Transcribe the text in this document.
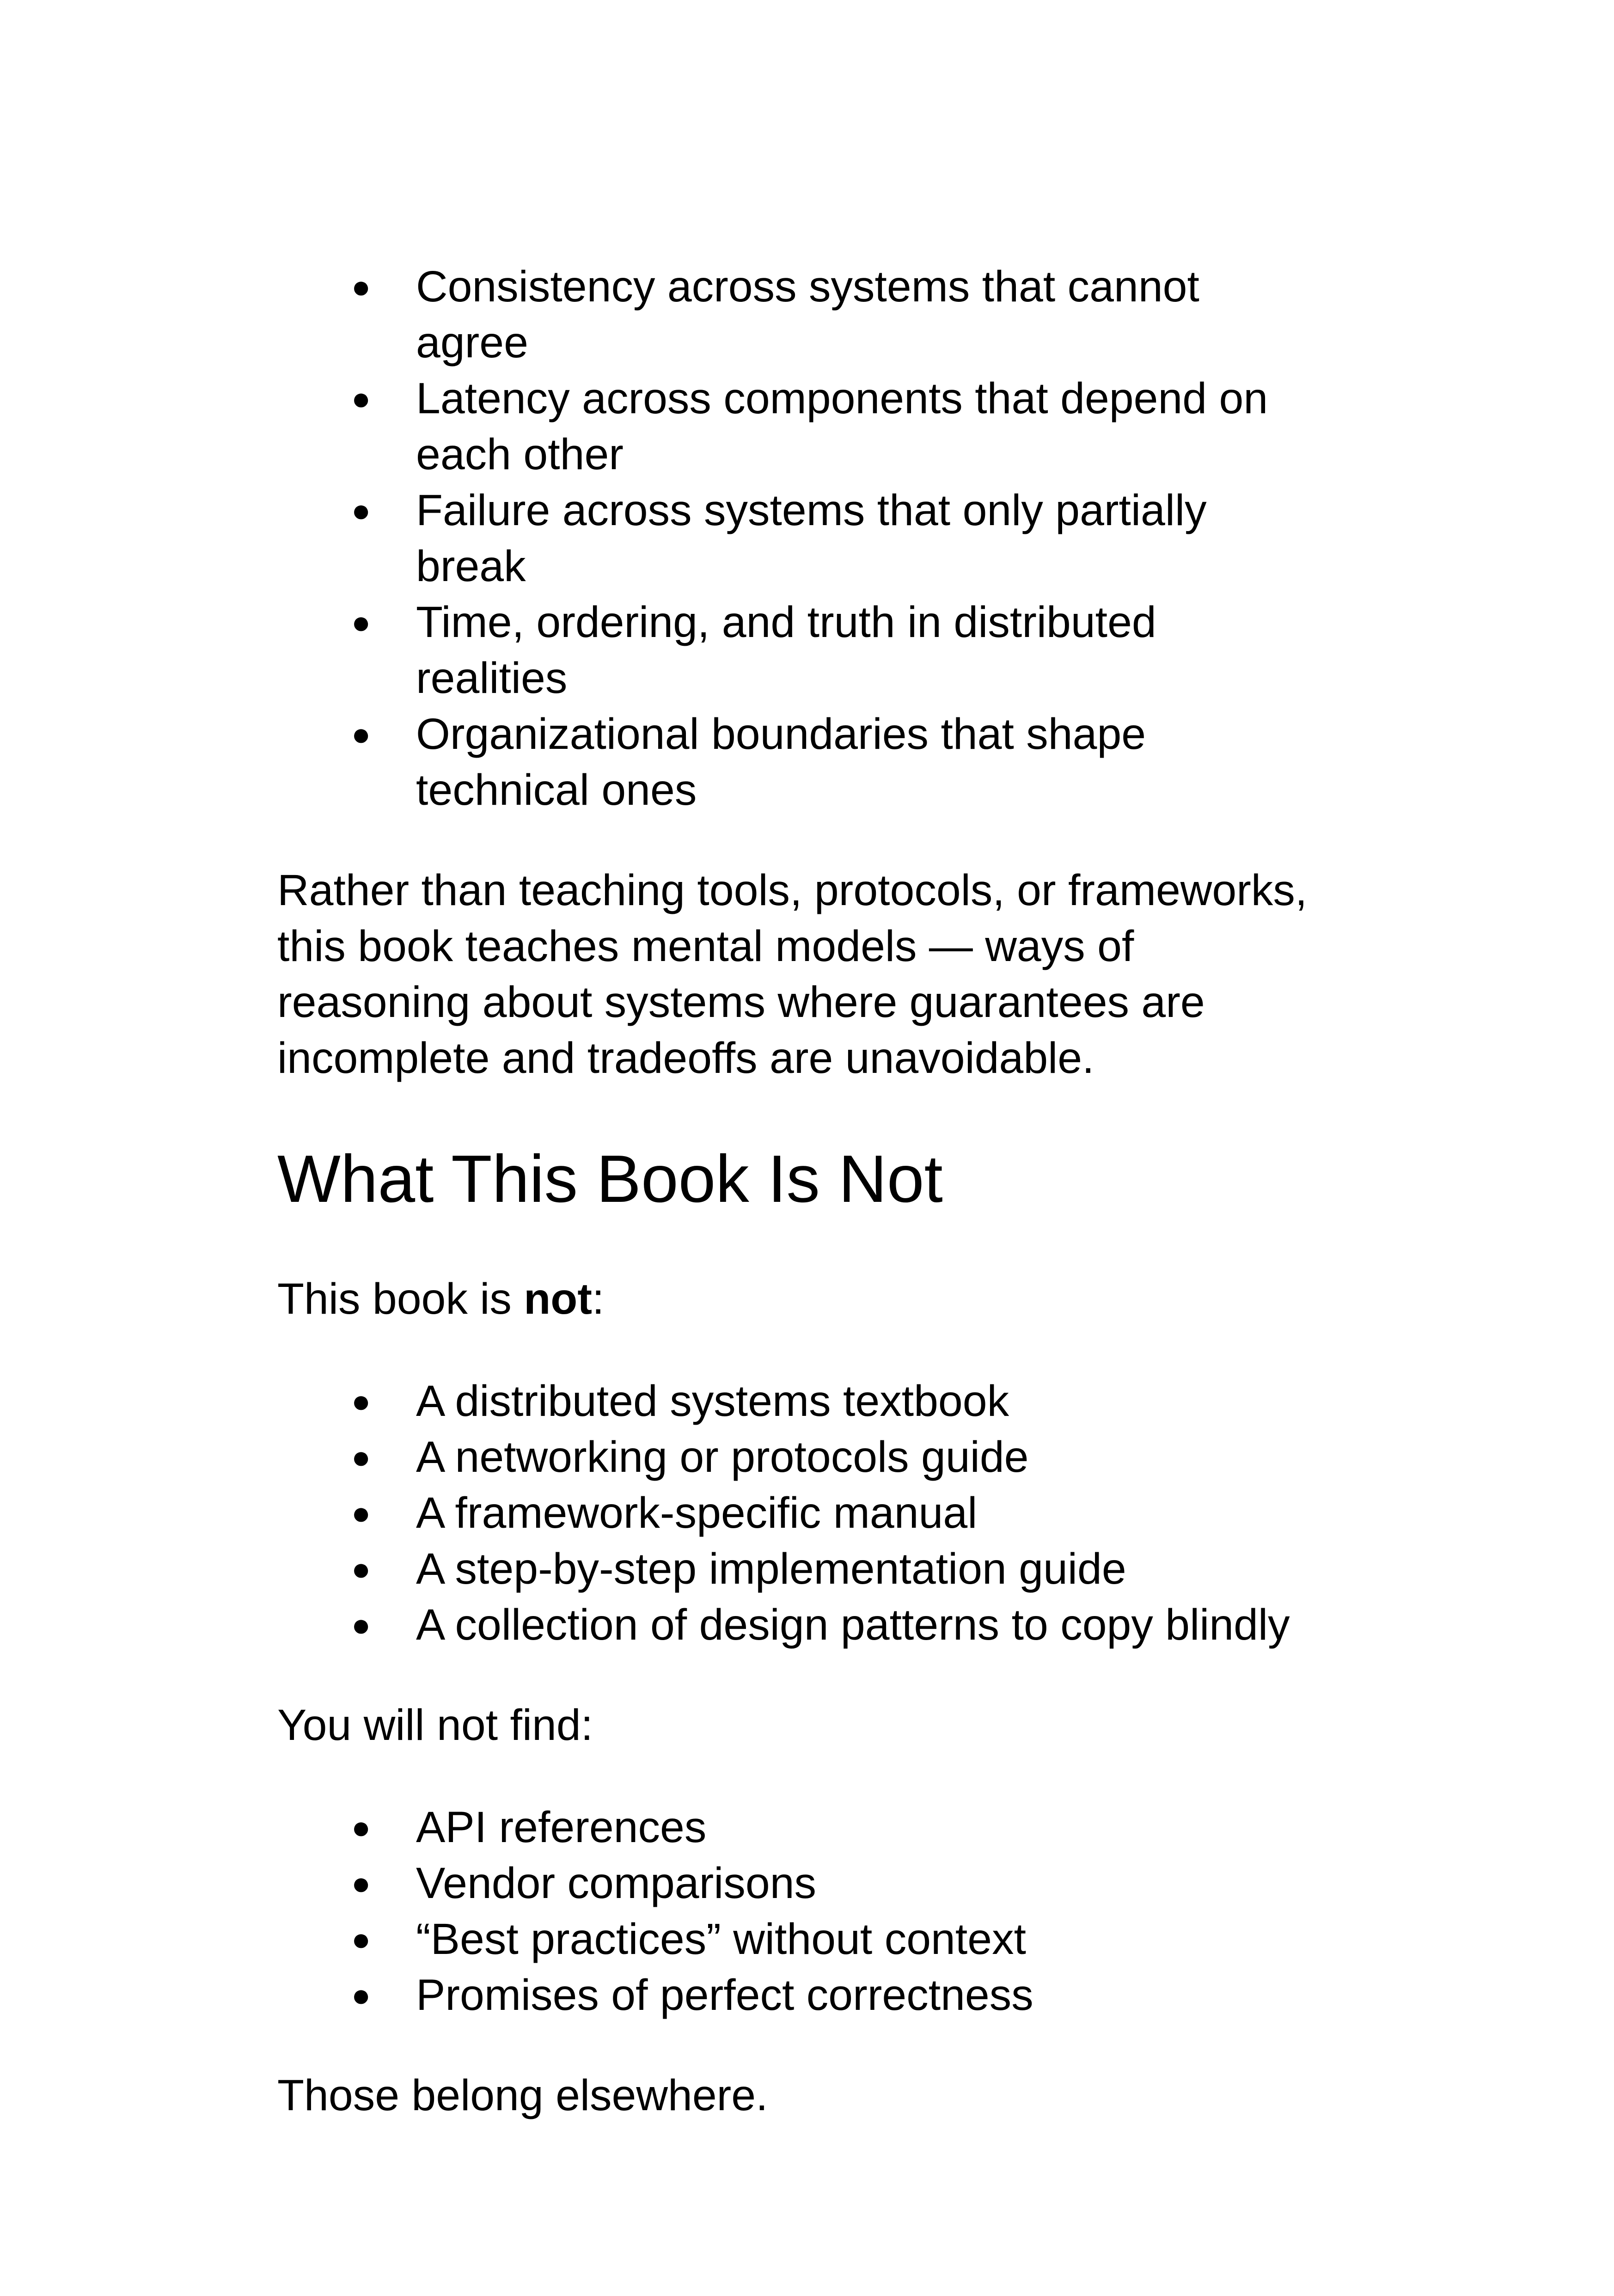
● Consistency across systems that cannot agree
● Latency across components that depend on each other
● Failure across systems that only partially break
● Time, ordering, and truth in distributed realities
● Organizational boundaries that shape technical ones

Rather than teaching tools, protocols, or frameworks, this book teaches mental models — ways of reasoning about systems where guarantees are incomplete and tradeoffs are unavoidable.

What This Book Is Not

This book is not:

● A distributed systems textbook
● A networking or protocols guide
● A framework-specific manual
● A step-by-step implementation guide
● A collection of design patterns to copy blindly

You will not find:

● API references
● Vendor comparisons
● “Best practices” without context
● Promises of perfect correctness

Those belong elsewhere.
